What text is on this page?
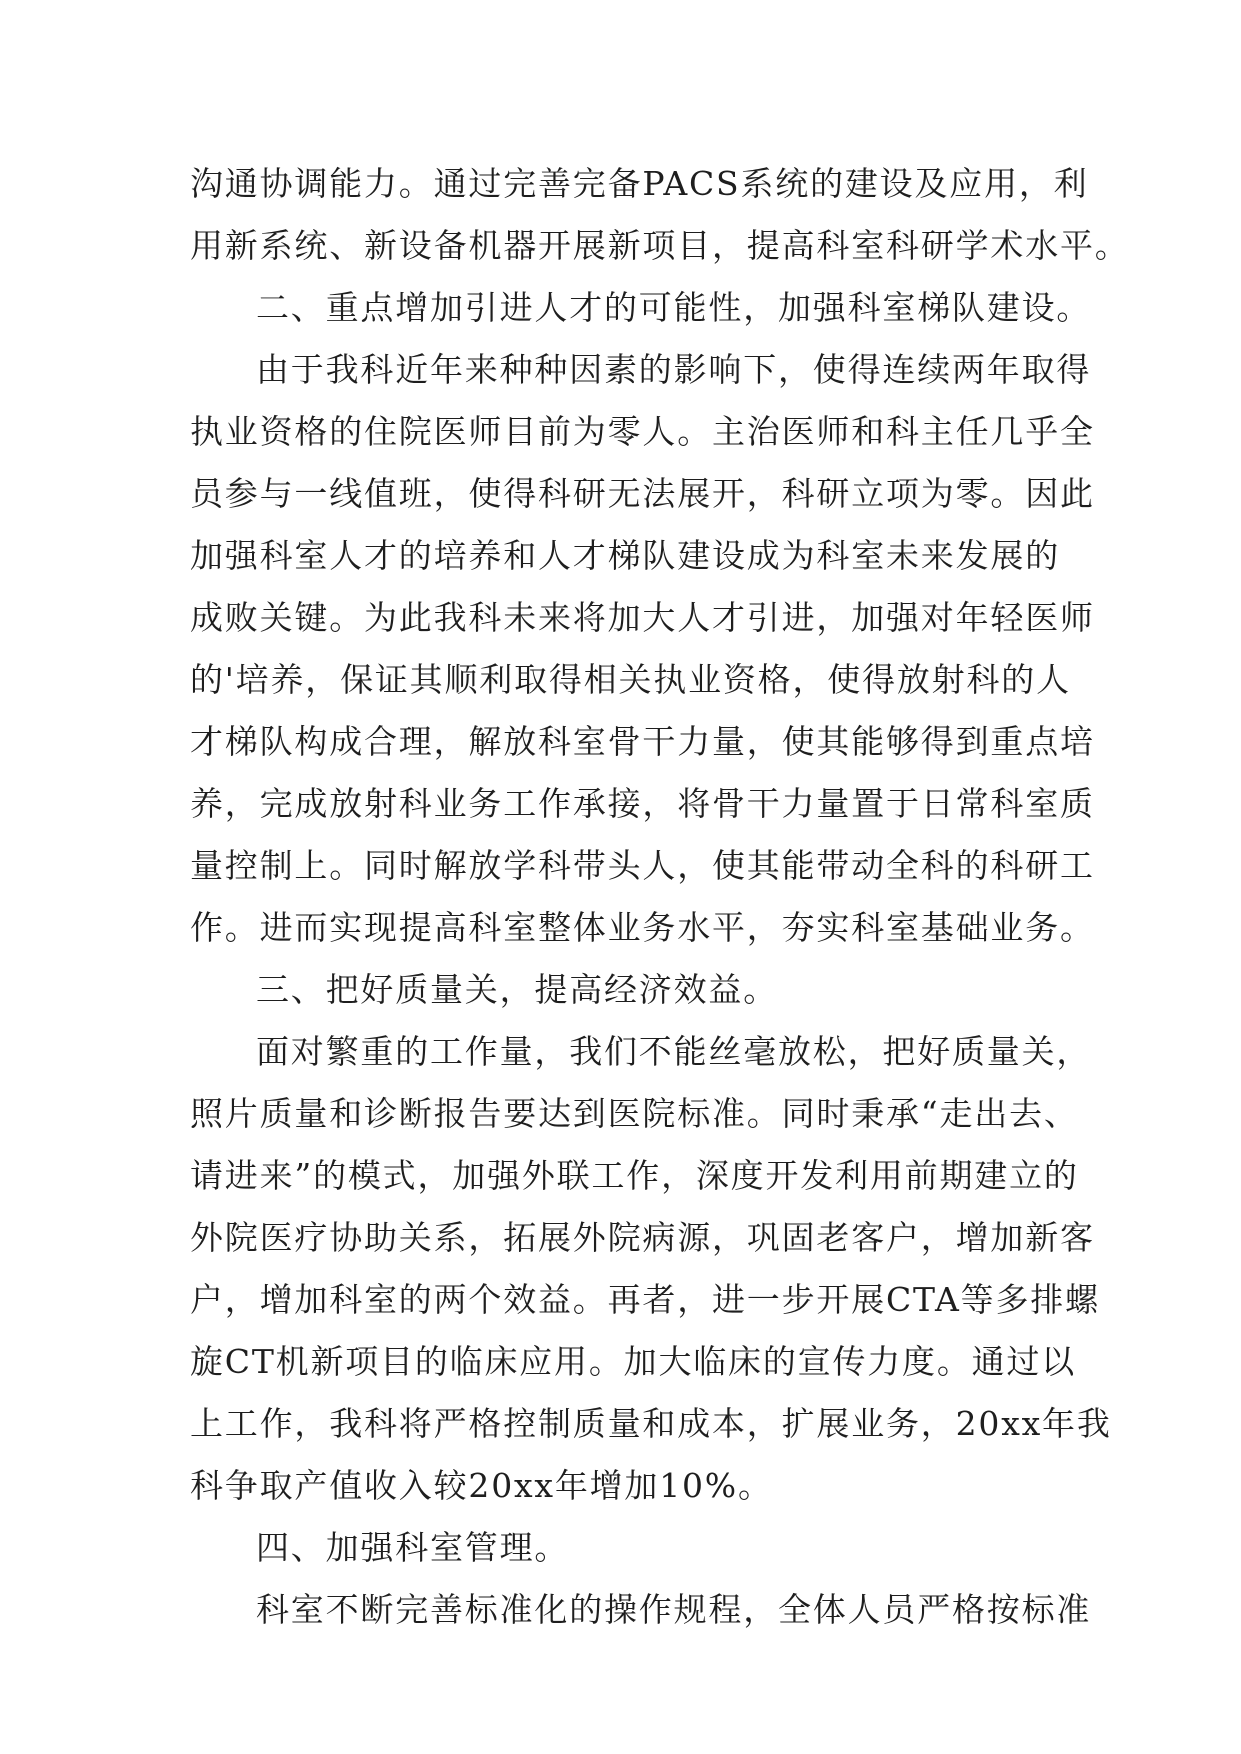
沟通协调能力。通过完善完备PACS系统的建设及应用，利
用新系统、新设备机器开展新项目，提高科室科研学术水平。
二、重点增加引进人才的可能性，加强科室梯队建设。
由于我科近年来种种因素的影响下，使得连续两年取得
执业资格的住院医师目前为零人。主治医师和科主任几乎全
员参与一线值班，使得科研无法展开，科研立项为零。因此
加强科室人才的培养和人才梯队建设成为科室未来发展的
成败关键。为此我科未来将加大人才引进，加强对年轻医师
的'培养，保证其顺利取得相关执业资格，使得放射科的人
才梯队构成合理，解放科室骨干力量，使其能够得到重点培
养，完成放射科业务工作承接，将骨干力量置于日常科室质
量控制上。同时解放学科带头人，使其能带动全科的科研工
作。进而实现提高科室整体业务水平，夯实科室基础业务。
三、把好质量关，提高经济效益。
面对繁重的工作量，我们不能丝毫放松，把好质量关，
照片质量和诊断报告要达到医院标准。同时秉承“走出去、
请进来”的模式，加强外联工作，深度开发利用前期建立的
外院医疗协助关系，拓展外院病源，巩固老客户，增加新客
户，增加科室的两个效益。再者，进一步开展CTA等多排螺
旋CT机新项目的临床应用。加大临床的宣传力度。通过以
上工作，我科将严格控制质量和成本，扩展业务，20xx年我
科争取产值收入较20xx年增加10%。
四、加强科室管理。
科室不断完善标准化的操作规程，全体人员严格按标准
